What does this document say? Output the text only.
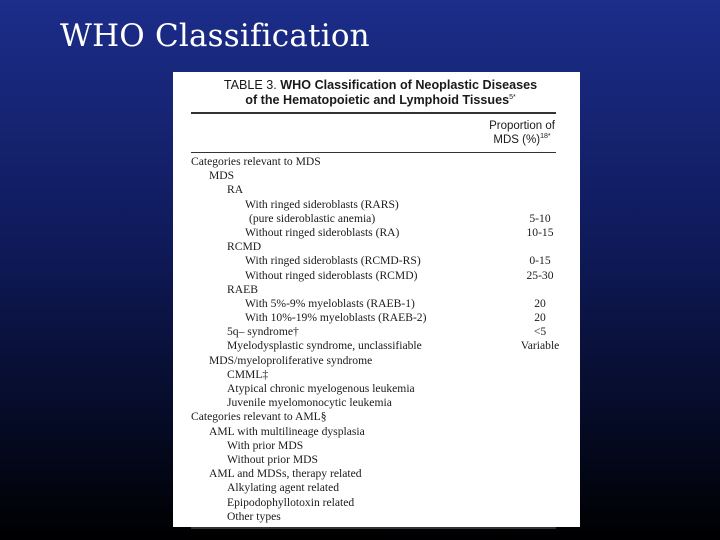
WHO Classification
TABLE 3. WHO Classification of Neoplastic Diseases
of the Hematopoietic and Lymphoid Tissues$^{5*}$
Proportion of
MDS (%)$^{18*}$
Categories relevant to MDS
MDS
RA
With ringed sideroblasts (RARS)
(pure sideroblastic anemia)	5-10
Without ringed sideroblasts (RA)	10-15
RCMD
With ringed sideroblasts (RCMD-RS)	0-15
Without ringed sideroblasts (RCMD)	25-30
RAEB
With 5%-9% myeloblasts (RAEB-1)	20
With 10%-19% myeloblasts (RAEB-2)	20
5q– syndrome†	<5
Myelodysplastic syndrome, unclassifiable	Variable
MDS/myeloproliferative syndrome
CMML‡
Atypical chronic myelogenous leukemia
Juvenile myelomonocytic leukemia
Categories relevant to AML§
AML with multilineage dysplasia
With prior MDS
Without prior MDS
AML and MDSs, therapy related
Alkylating agent related
Epipodophyllotoxin related
Other types
